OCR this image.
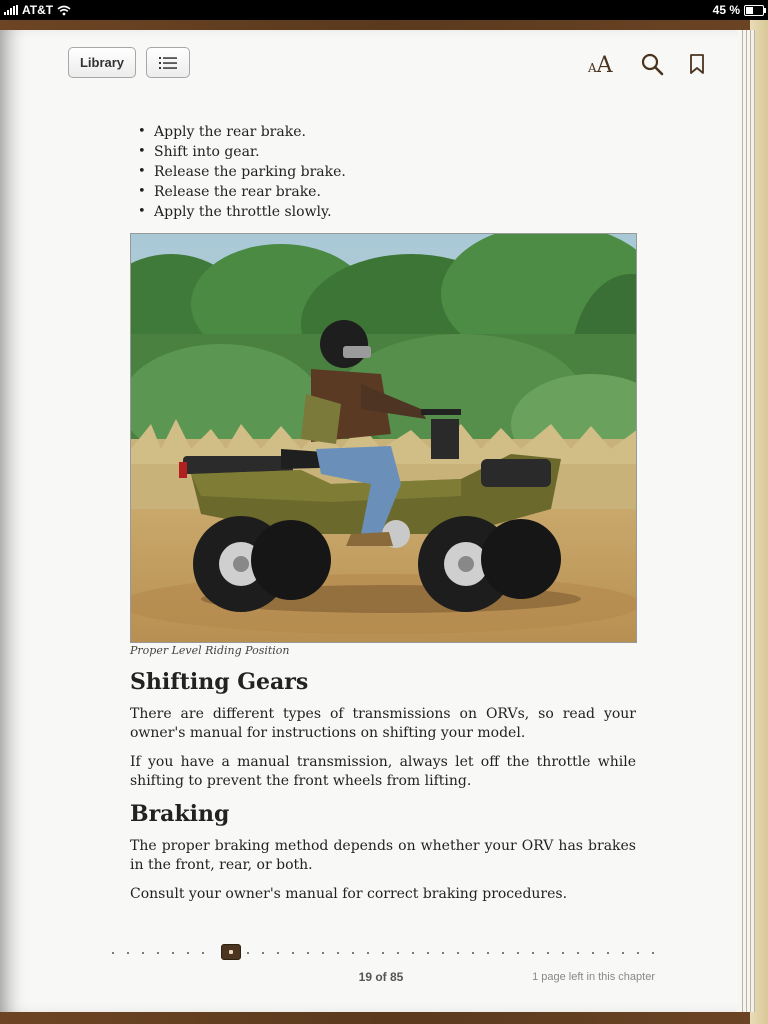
AT&T	45 %
Library	AA
• Apply the rear brake.
• Shift into gear.
• Release the parking brake.
• Release the rear brake.
• Apply the throttle slowly.
Proper Level Riding Position
Shifting Gears

There are different types of transmissions on ORVs, so read your owner's manual for instructions on shifting your model.

If you have a manual transmission, always let off the throttle while shifting to prevent the front wheels from lifting.

Braking

The proper braking method depends on whether your ORV has brakes in the front, rear, or both.

Consult your owner's manual for correct braking procedures.

19 of 85	1 page left in this chapter
